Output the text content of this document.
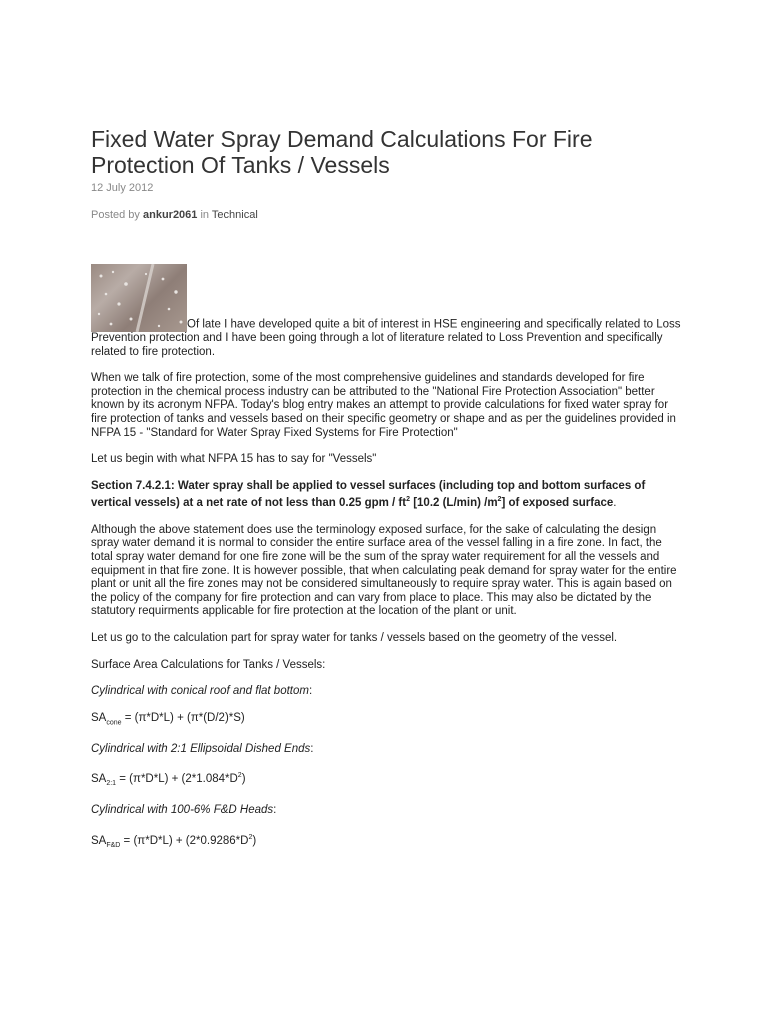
Fixed Water Spray Demand Calculations For Fire Protection Of Tanks / Vessels
12 July 2012
Posted by ankur2061 in Technical

Of late I have developed quite a bit of interest in HSE engineering and specifically related to Loss Prevention protection and I have been going through a lot of literature related to Loss Prevention and specifically related to fire protection.

When we talk of fire protection, some of the most comprehensive guidelines and standards developed for fire protection in the chemical process industry can be attributed to the "National Fire Protection Association" better known by its acronym NFPA. Today's blog entry makes an attempt to provide calculations for fixed water spray for fire protection of tanks and vessels based on their specific geometry or shape and as per the guidelines provided in NFPA 15 - "Standard for Water Spray Fixed Systems for Fire Protection"

Let us begin with what NFPA 15 has to say for "Vessels"

Section 7.4.2.1: Water spray shall be applied to vessel surfaces (including top and bottom surfaces of vertical vessels) at a net rate of not less than 0.25 gpm / $ft^2$ [10.2 (L/min) $/m^2$] of exposed surface.

Although the above statement does use the terminology exposed surface, for the sake of calculating the design spray water demand it is normal to consider the entire surface area of the vessel falling in a fire zone. In fact, the total spray water demand for one fire zone will be the sum of the spray water requirement for all the vessels and equipment in that fire zone. It is however possible, that when calculating peak demand for spray water for the entire plant or unit all the fire zones may not be considered simultaneously to require spray water. This is again based on the policy of the company for fire protection and can vary from place to place. This may also be dictated by the statutory requirments applicable for fire protection at the location of the plant or unit.

Let us go to the calculation part for spray water for tanks / vessels based on the geometry of the vessel.

Surface Area Calculations for Tanks / Vessels:

Cylindrical with conical roof and flat bottom:

$SA_{cone} = (\pi*D*L) + (\pi*(D/2)*S)$

Cylindrical with 2:1 Ellipsoidal Dished Ends:

$SA_{2:1} = (\pi*D*L) + (2*1.084*D^2)$

Cylindrical with 100-6% F&D Heads:

$SA_{F\&D} = (\pi*D*L) + (2*0.9286*D^2)$
